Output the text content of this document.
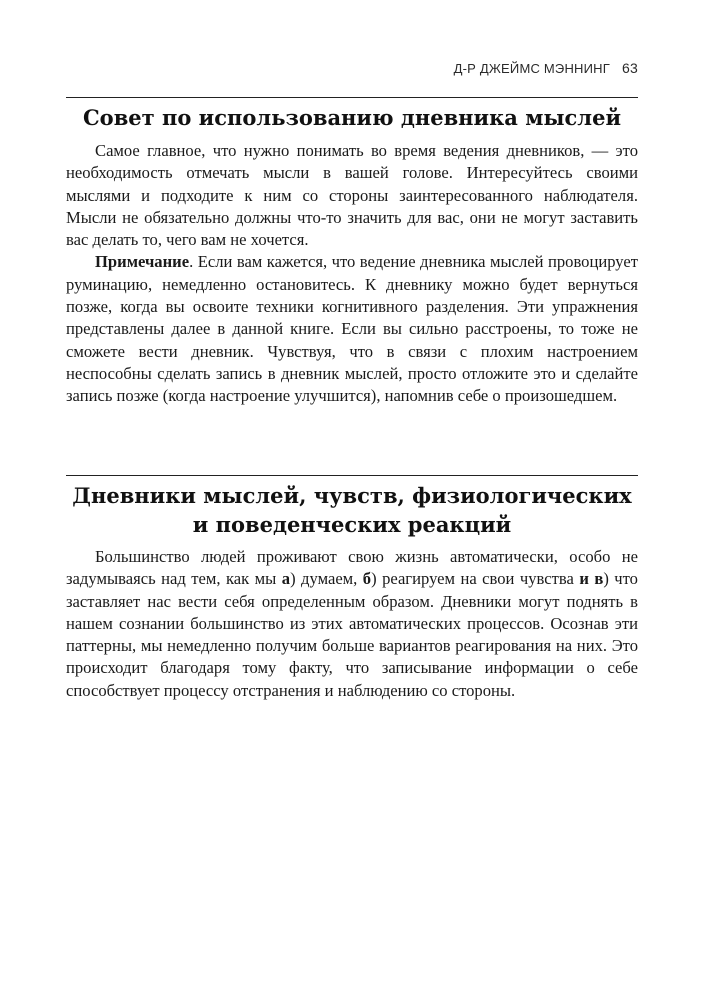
Д-Р ДЖЕЙМС МЭННИНГ 63
Совет по использованию дневника мыслей

Самое главное, что нужно понимать во время ведения дневников, — это необходимость отмечать мысли в вашей голове. Интересуйтесь своими мыслями и подходите к ним со стороны заинтересованного наблюдателя. Мысли не обязательно должны что-то значить для вас, они не могут заставить вас делать то, чего вам не хочется.

Примечание. Если вам кажется, что ведение дневника мыслей провоцирует руминацию, немедленно остановитесь. К дневнику можно будет вернуться позже, когда вы освоите техники когнитивного разделения. Эти упражнения представлены далее в данной книге. Если вы сильно расстроены, то тоже не сможете вести дневник. Чувствуя, что в связи с плохим настроением неспособны сделать запись в дневник мыслей, просто отложите это и сделайте запись позже (когда настроение улучшится), напомнив себе о произошедшем.

Дневники мыслей, чувств, физиологических
и поведенческих реакций

Большинство людей проживают свою жизнь автоматически, особо не задумываясь над тем, как мы а) думаем, б) реагируем на свои чувства и в) что заставляет нас вести себя определенным образом. Дневники могут поднять в нашем сознании большинство из этих автоматических процессов. Осознав эти паттерны, мы немедленно получим больше вариантов реагирования на них. Это происходит благодаря тому факту, что записывание информации о себе способствует процессу отстранения и наблюдению со стороны.
